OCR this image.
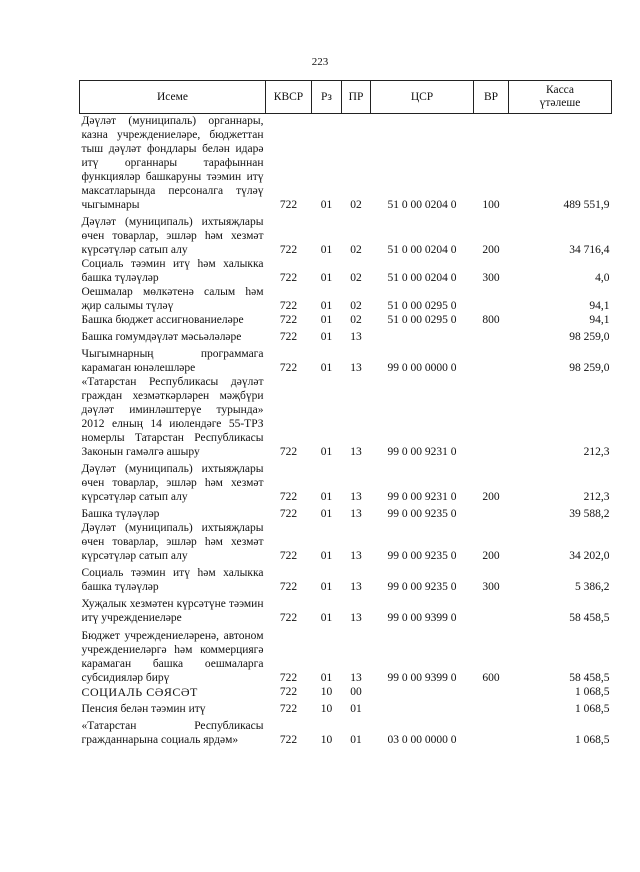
223
Исеме	КВСР	Рз	ПР	ЦСР	ВР	Касса
үтәлеше
Дәүләт (муниципаль) органнары, казна учреждениеләре, бюджеттан тыш дәүләт фондлары белән идарә итү органнары тарафыннан функцияләр башкаруны тәэмин итү максатларында персоналга түләү чыгымнары	722	01	02	51 0 00 0204 0	100	489 551,9
Дәүләт (муниципаль) ихтыяҗлары өчен товарлар, эшләр һәм хезмәт күрсәтүләр сатып алу	722	01	02	51 0 00 0204 0	200	34 716,4
Социаль тәэмин итү һәм халыкка башка түләүләр	722	01	02	51 0 00 0204 0	300	4,0
Оешмалар мөлкәтенә салым һәм җир салымы түләү	722	01	02	51 0 00 0295 0		94,1
Башка бюджет ассигнованиеләре	722	01	02	51 0 00 0295 0	800	94,1
Башка гомумдәүләт мәсьәләләре	722	01	13			98 259,0
Чыгымнарның программага карамаган юнәлешләре	722	01	13	99 0 00 0000 0		98 259,0
«Татарстан Республикасы дәүләт граждан хезмәткәрләрен мәҗбүри дәүләт иминләштерүе турында» 2012 елның 14 июлендәге 55-ТРЗ номерлы Татарстан Республикасы Законын гамәлгә ашыру	722	01	13	99 0 00 9231 0		212,3
Дәүләт (муниципаль) ихтыяҗлары өчен товарлар, эшләр һәм хезмәт күрсәтүләр сатып алу	722	01	13	99 0 00 9231 0	200	212,3
Башка түләүләр	722	01	13	99 0 00 9235 0		39 588,2
Дәүләт (муниципаль) ихтыяҗлары өчен товарлар, эшләр һәм хезмәт күрсәтүләр сатып алу	722	01	13	99 0 00 9235 0	200	34 202,0
Социаль тәэмин итү һәм халыкка башка түләүләр	722	01	13	99 0 00 9235 0	300	5 386,2
Хуҗалык хезмәтен күрсәтүне тәэмин итү учреждениеләре	722	01	13	99 0 00 9399 0		58 458,5
Бюджет учреждениеләренә, автоном учреждениеләргә һәм коммерциягә карамаган башка оешмаларга субсидияләр бирү	722	01	13	99 0 00 9399 0	600	58 458,5
СОЦИАЛЬ СӘЯСӘТ	722	10	00			1 068,5
Пенсия белән тәэмин итү	722	10	01			1 068,5
«Татарстан Республикасы гражданнарына социаль ярдәм»	722	10	01	03 0 00 0000 0		1 068,5
